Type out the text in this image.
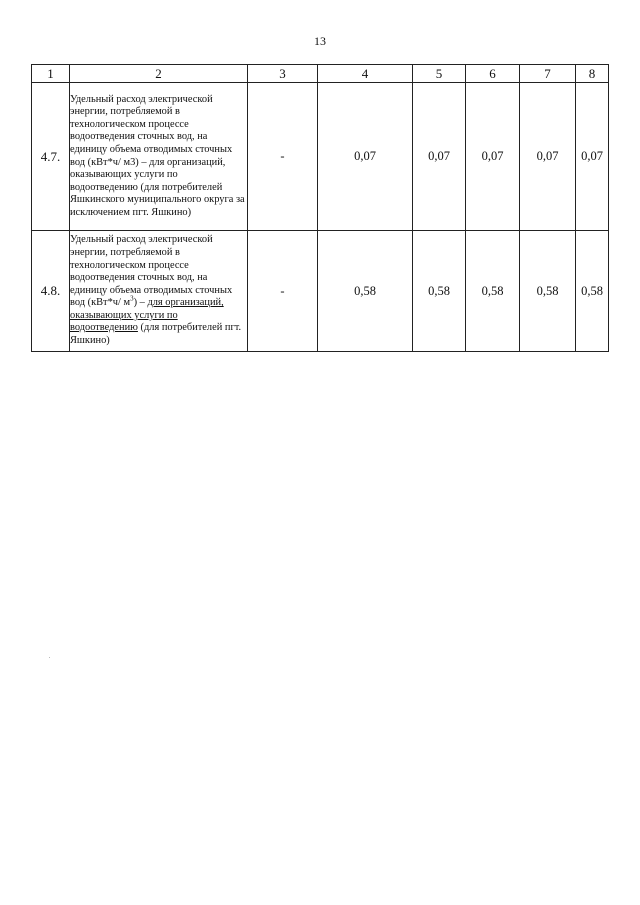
13
1	2	3	4	5	6	7	8
4.7.	Удельный расход электрической энергии, потребляемой в технологическом процессе водоотведения сточных вод, на единицу объема отводимых сточных вод (кВт*ч/ м3) – для организаций, оказывающих услуги по водоотведению (для потребителей Яшкинского муниципального округа за исключением пгт. Яшкино)	-	0,07	0,07	0,07	0,07	0,07
4.8.	Удельный расход электрической энергии, потребляемой в технологическом процессе водоотведения сточных вод, на единицу объема отводимых сточных вод (кВт*ч/ $м^3$) – для организаций, оказывающих услуги по водоотведению (для потребителей пгт. Яшкино)	-	0,58	0,58	0,58	0,58	0,58
